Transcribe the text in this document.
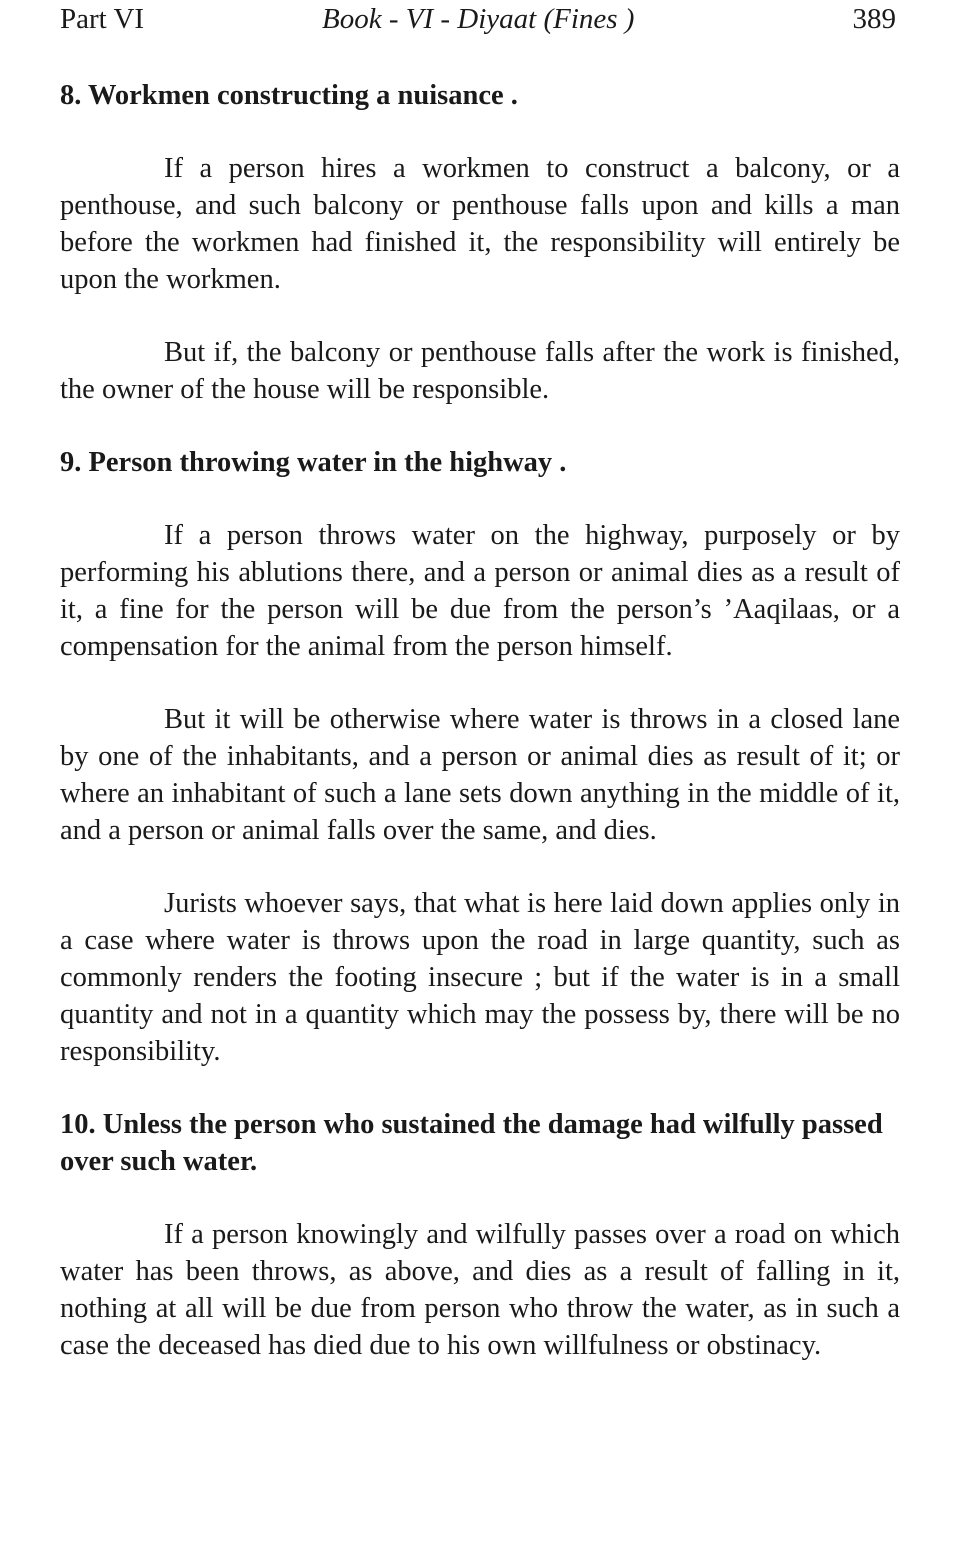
Part VI	Book - VI - Diyaat (Fines )	389
8. Workmen constructing a nuisance .

If a person hires a workmen to construct a balcony, or a penthouse, and such balcony or penthouse falls upon and kills a man before the workmen had finished it, the responsibility will entirely be upon the workmen.

But if, the balcony or penthouse falls after the work is finished, the owner of the house will be responsible.

9. Person throwing water in the highway .

If a person throws water on the highway, purposely or by performing his ablutions there, and a person or animal dies as a result of it, a fine for the person will be due from the person’s ’Aaqilaas, or a compensation for the animal from the person himself.

But it will be otherwise where water is throws in a closed lane by one of the inhabitants, and a person or animal dies as result of it; or where an inhabitant of such a lane sets down anything in the middle of it, and a person or animal falls over the same, and dies.

Jurists whoever says, that what is here laid down applies only in a case where water is throws upon the road in large quantity, such as commonly renders the footing insecure ; but if the water is in a small quantity and not in a quantity which may the possess by, there will be no responsibility.

10. Unless the person who sustained the damage had wilfully passed over such water.

If a person knowingly and wilfully passes over a road on which water has been throws, as above, and dies as a result of falling in it, nothing at all will be due from person who throw the water, as in such a case the deceased has died due to his own willfulness or obstinacy.
